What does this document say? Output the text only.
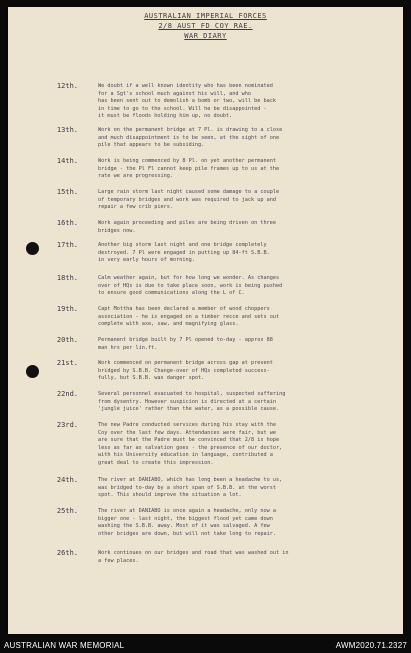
AUSTRALIAN IMPERIAL FORCES
2/8 AUST FD COY RAE.
WAR DIARY
12th.	We doubt if a well known identity who has been nominated
for a Sgt's school much against his will, and who
has been sent out to demolish a bomb or two, will be back
in time to go to the school. Will he be disappointed -
it must be floods holding him up, no doubt.
13th.	Work on the permanent bridge at 7 Pl. is drawing to a close
and much disappointment is to be seen, at the sight of one
pile that appears to be subsiding.
14th.	Work is being commenced by 8 Pl. on yet another permanent
bridge - the Pl Fl cannot keep pile frames up to us at the
rate we are progressing.
15th.	Large rain storm last night caused some damage to a couple
of temporary bridges and work was required to jack up and
repair a few crib piers.
16th.	Work again proceeding and piles are being driven on three
bridges now.
17th.	Another big storm last night and one bridge completely
destroyed. 7 Pl were engaged in putting up 84-ft S.B.B.
in very early hours of morning.
18th.	Calm weather again, but for how long we wonder. As changes
over of HQs is due to take place soon, work is being pushed
to ensure good communications along the L of C.
19th.	Capt Mottha has been declared a member of wood choppers
association - he is engaged on a timber recce and sets out
complete with axe, saw, and magnifying glass.
20th.	Permanent bridge built by 7 Pl opened to-day - approx 88
man hrs per lin.ft.
21st.	Work commenced on permanent bridge across gap at present
bridged by S.B.B. Change-over of HQs completed success-
fully, but S.B.B. was danger spot.
22nd.	Several personnel evacuated to hospital, suspected suffering
from dysentry. However suspicion is directed at a certain
'jungle juice' rather than the water, as a possible cause.
23rd.	The new Padre conducted services during his stay with the
Coy over the last few days. Attendances were fair, but we
are sure that the Padre must be convinced that 2/8 is hope
less as far as salvation goes - the presence of our doctor,
with his University education in language, contributed a
great deal to create this impression.
24th.	The river at DANIABO, which has long been a headache to us,
was bridged to-day by a short span of S.B.B. at the worst
spot. This should improve the situation a lot.
25th.	The river at DANIABO is once again a headache, only now a
bigger one - last night, the biggest flood yet came down
washing the S.B.B. away. Most of it was salvaged. A few
other bridges are down, but will not take long to repair.
26th.	Work continues on our bridges and road that was washed out in
a few places.
AUSTRALIAN WAR MEMORIAL	AWM2020.71.2327
